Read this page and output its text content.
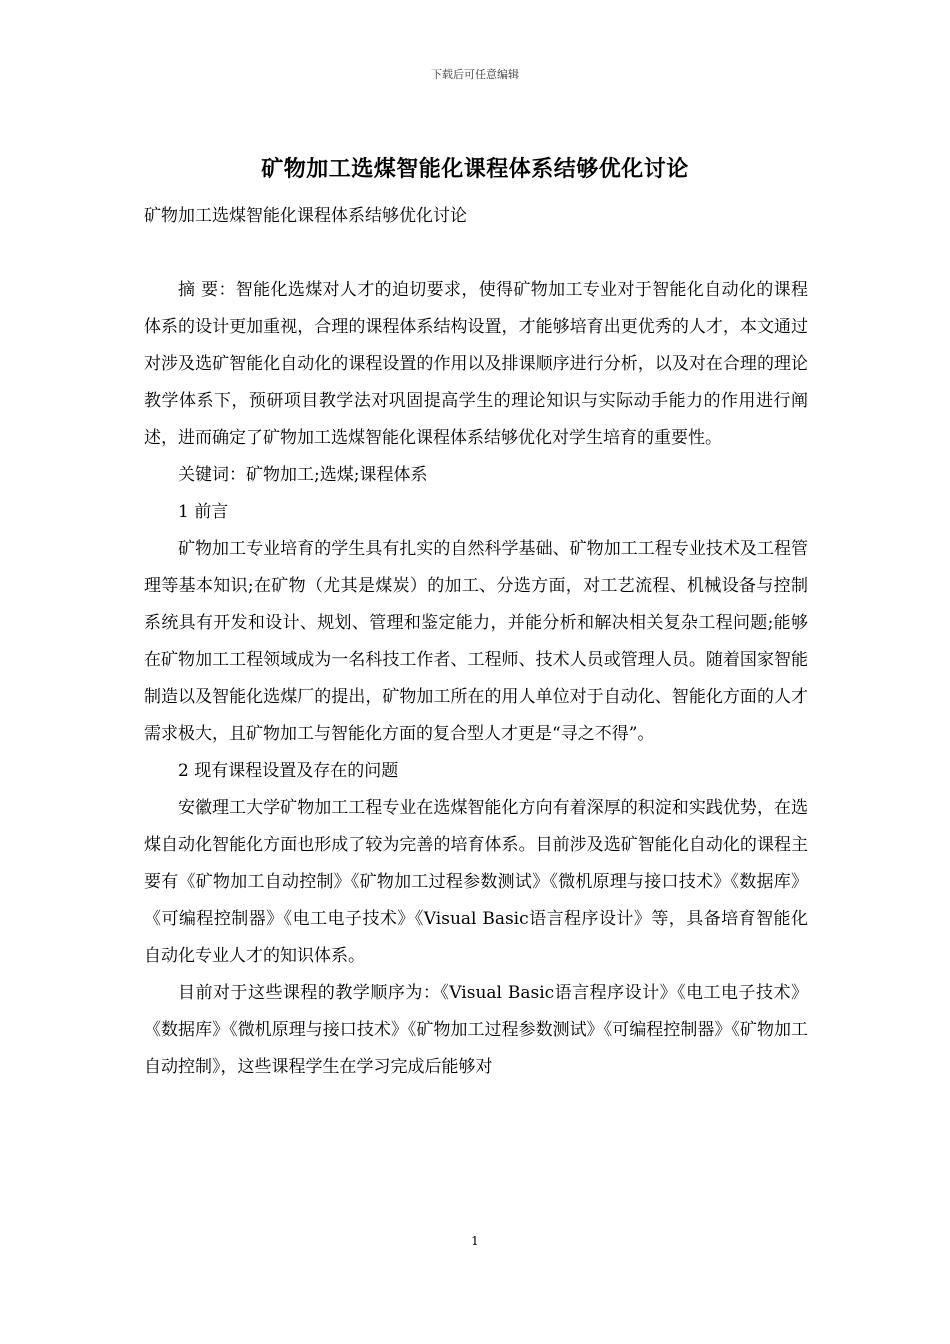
下载后可任意编辑
矿物加工选煤智能化课程体系结够优化讨论

矿物加工选煤智能化课程体系结够优化讨论

摘 要：智能化选煤对人才的迫切要求，使得矿物加工专业对于智能化自动化的课程体系的设计更加重视，合理的课程体系结构设置，才能够培育出更优秀的人才，本文通过对涉及选矿智能化自动化的课程设置的作用以及排课顺序进行分析，以及对在合理的理论教学体系下，预研项目教学法对巩固提高学生的理论知识与实际动手能力的作用进行阐述，进而确定了矿物加工选煤智能化课程体系结够优化对学生培育的重要性。

关键词：矿物加工;选煤;课程体系

1 前言

矿物加工专业培育的学生具有扎实的自然科学基础、矿物加工工程专业技术及工程管理等基本知识;在矿物（尤其是煤炭）的加工、分选方面，对工艺流程、机械设备与控制系统具有开发和设计、规划、管理和鉴定能力，并能分析和解决相关复杂工程问题;能够在矿物加工工程领域成为一名科技工作者、工程师、技术人员或管理人员。随着国家智能制造以及智能化选煤厂的提出，矿物加工所在的用人单位对于自动化、智能化方面的人才需求极大，且矿物加工与智能化方面的复合型人才更是“寻之不得”。

2 现有课程设置及存在的问题

安徽理工大学矿物加工工程专业在选煤智能化方向有着深厚的积淀和实践优势，在选煤自动化智能化方面也形成了较为完善的培育体系。目前涉及选矿智能化自动化的课程主要有《矿物加工自动控制》《矿物加工过程参数测试》《微机原理与接口技术》《数据库》《可编程控制器》《电工电子技术》《Visual Basic语言程序设计》等，具备培育智能化自动化专业人才的知识体系。

目前对于这些课程的教学顺序为：《Visual Basic语言程序设计》《电工电子技术》《数据库》《微机原理与接口技术》《矿物加工过程参数测试》《可编程控制器》《矿物加工自动控制》，这些课程学生在学习完成后能够对

1
